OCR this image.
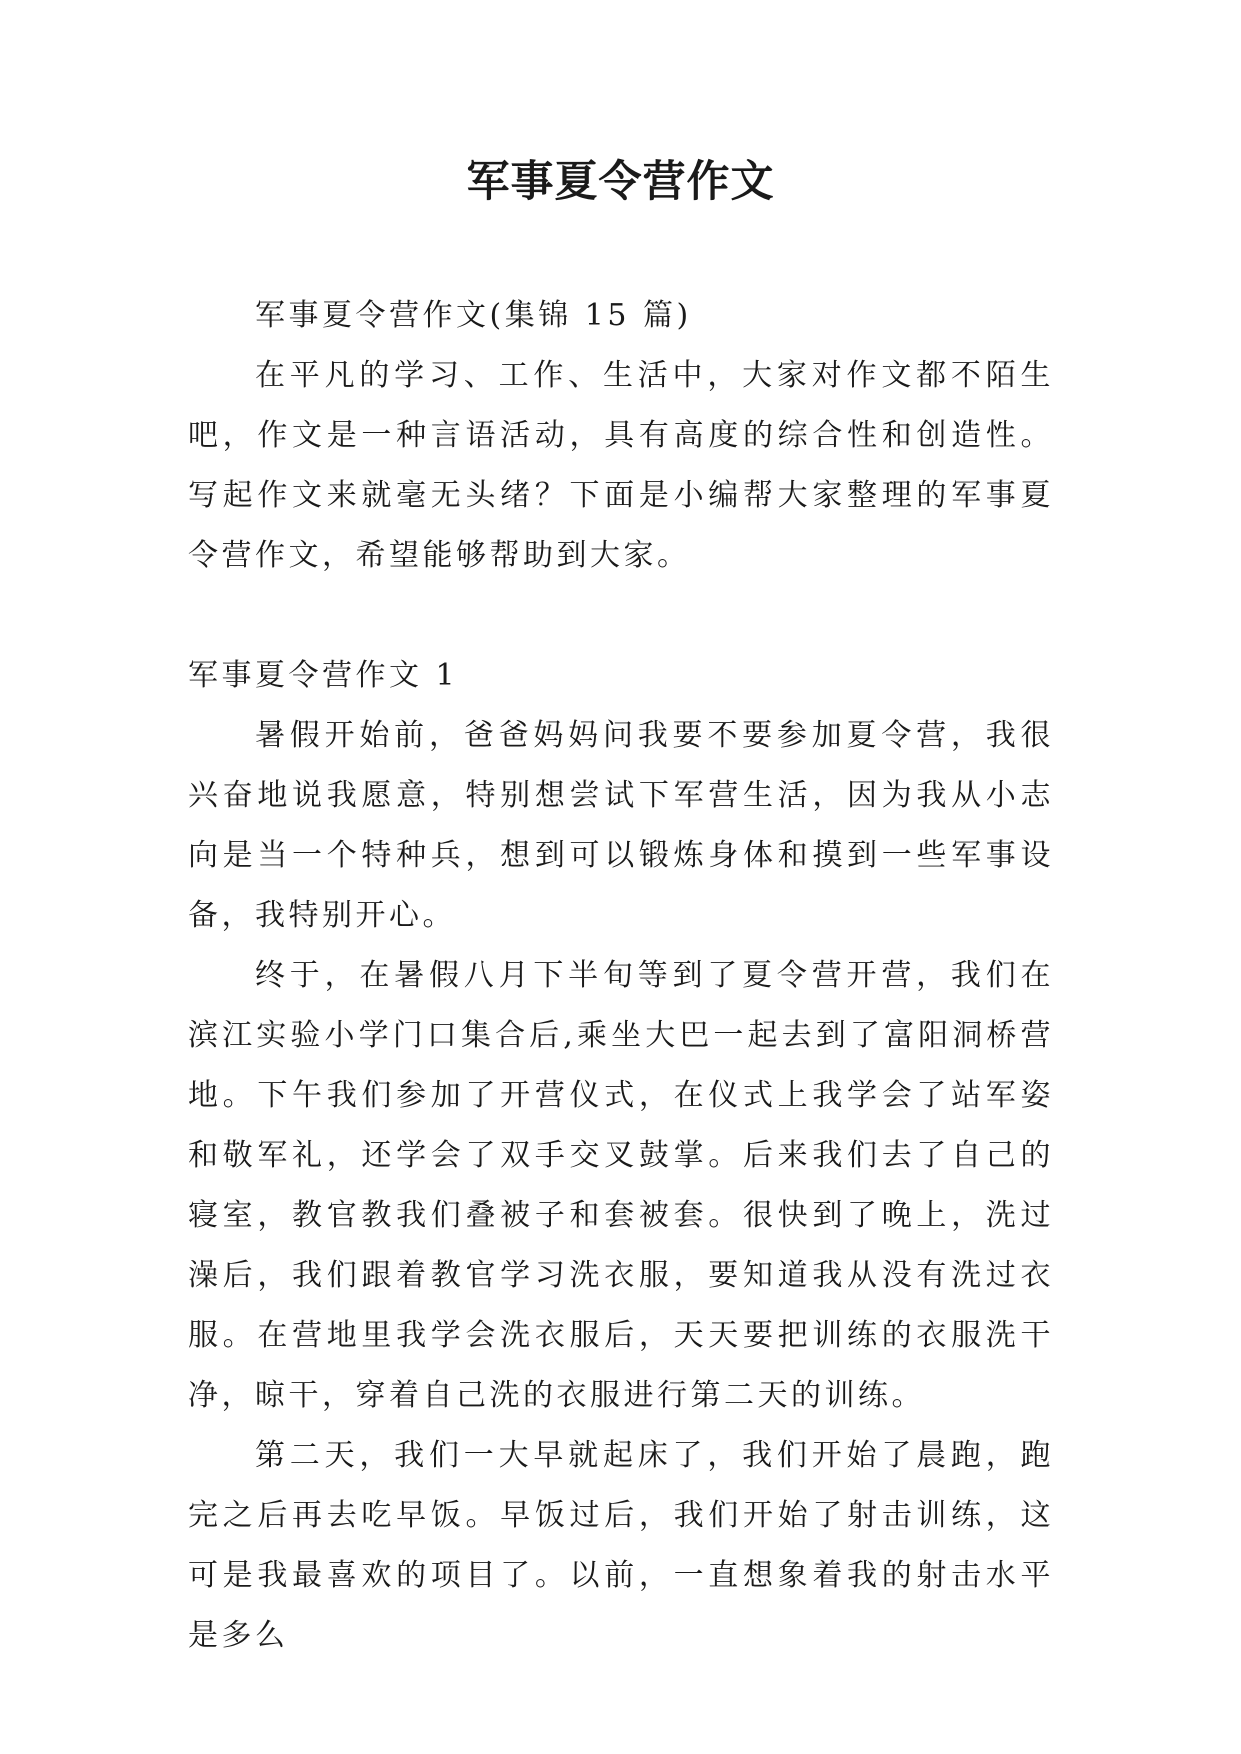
军事夏令营作文

军事夏令营作文(集锦 15 篇)

在平凡的学习、工作、生活中，大家对作文都不陌生吧，作文是一种言语活动，具有高度的综合性和创造性。写起作文来就毫无头绪？下面是小编帮大家整理的军事夏令营作文，希望能够帮助到大家。

军事夏令营作文 1

暑假开始前，爸爸妈妈问我要不要参加夏令营，我很兴奋地说我愿意，特别想尝试下军营生活，因为我从小志向是当一个特种兵，想到可以锻炼身体和摸到一些军事设备，我特别开心。

终于，在暑假八月下半旬等到了夏令营开营，我们在滨江实验小学门口集合后,乘坐大巴一起去到了富阳洞桥营地。下午我们参加了开营仪式，在仪式上我学会了站军姿和敬军礼，还学会了双手交叉鼓掌。后来我们去了自己的寝室，教官教我们叠被子和套被套。很快到了晚上，洗过澡后，我们跟着教官学习洗衣服，要知道我从没有洗过衣服。在营地里我学会洗衣服后，天天要把训练的衣服洗干净，晾干，穿着自己洗的衣服进行第二天的训练。

第二天，我们一大早就起床了，我们开始了晨跑，跑完之后再去吃早饭。早饭过后，我们开始了射击训练，这可是我最喜欢的项目了。以前，一直想象着我的射击水平是多么
